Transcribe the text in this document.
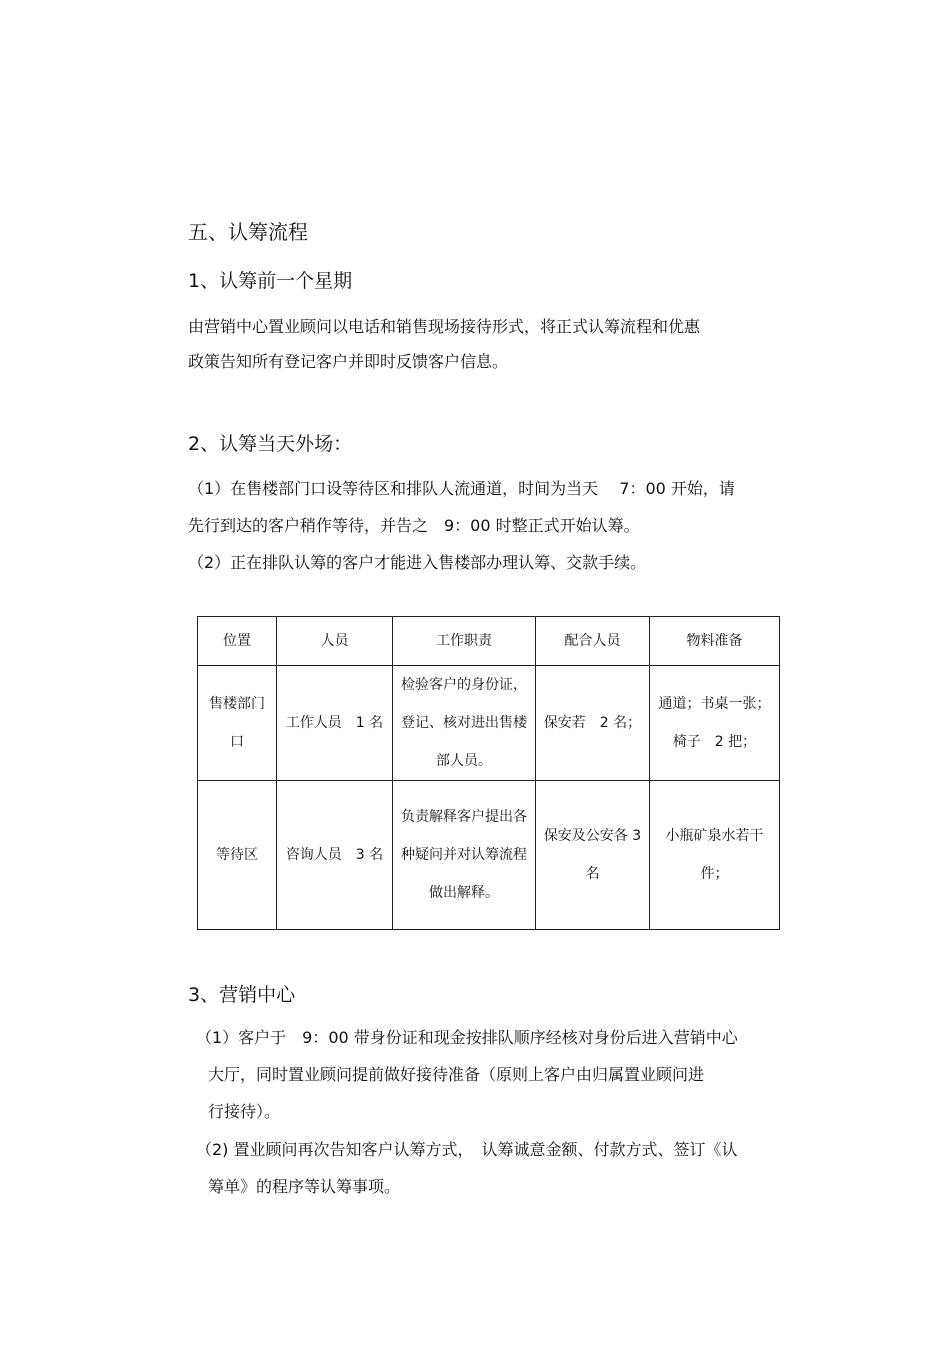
五、认筹流程
1、认筹前一个星期
由营销中心置业顾问以电话和销售现场接待形式，将正式认筹流程和优惠
政策告知所有登记客户并即时反馈客户信息。
2、认筹当天外场：
（1）在售楼部门口设等待区和排队人流通道，时间为当天　 7：00 开始，请
先行到达的客户稍作等待，并告之　9：00 时整正式开始认筹。
（2）正在排队认筹的客户才能进入售楼部办理认筹、交款手续。
位置	人员	工作职责	配合人员	物料准备
售楼部门口	工作人员　1 名	检验客户的身份证，登记、核对进出售楼部人员。	保安若　2 名；	通道；书桌一张；椅子　2 把；
等待区	咨询人员　3 名	负责解释客户提出各种疑问并对认筹流程做出解释。	保安及公安各 3 名	小瓶矿泉水若干件；
3、营销中心
（1）客户于　9：00 带身份证和现金按排队顺序经核对身份后进入营销中心
大厅，同时置业顾问提前做好接待准备（原则上客户由归属置业顾问进
行接待）。
（2) 置业顾问再次告知客户认筹方式，　认筹诚意金额、付款方式、签订《认
筹单》的程序等认筹事项。
